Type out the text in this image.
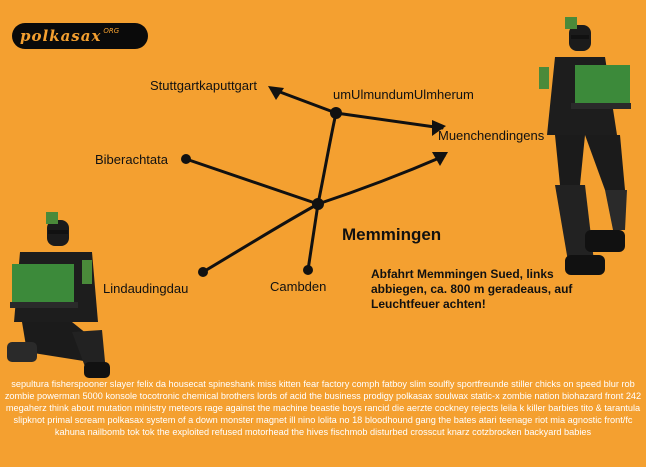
polkasax ORG
Stuttgartkaputtgart
umUlmundumUlmherum
Muenchendingens
Biberachtata
Lindaudingdau	Cambden
Memmingen
Abfahrt Memmingen Sued, links abbiegen, ca. 800 m geradeaus, auf Leuchtfeuer achten!
sepultura fisherspooner slayer felix da housecat spineshank miss kitten fear factory comph fatboy slim soulfly sportfreunde stiller chicks on speed blur rob zombie powerman 5000 konsole tocotronic chemical brothers lords of acid the business prodigy polkasax soulwax static-x zombie nation biohazard front 242 megaherz think about mutation ministry meteors rage against the machine beastie boys rancid die aerzte cockney rejects leila k killer barbies tito & tarantula slipknot primal scream polkasax system of a down monster magnet ill nino lolita no 18 bloodhound gang the bates atari teenage riot mia agnostic front/fc kahuna nailbomb tok tok the exploited refused motorhead the hives fischmob disturbed crosscut knarz cotzbrocken backyard babies
